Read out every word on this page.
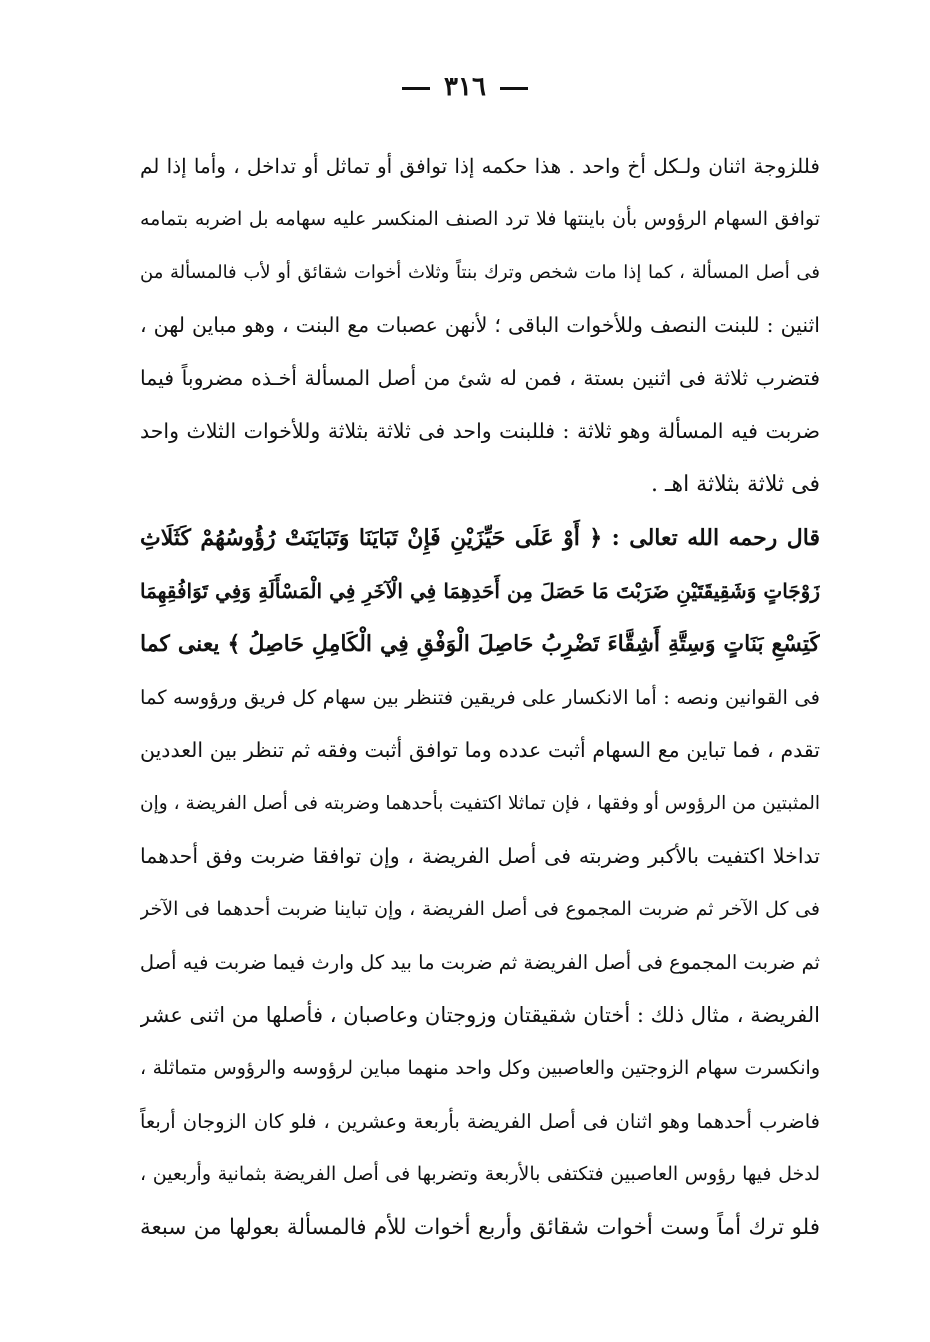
٣١٦
فللزوجة اثنان ولـكل أخ واحد . هذا حكمه إذا توافق أو تماثل أو تداخل ، وأما إذا لم
توافق السهام الرؤوس بأن باينتها فلا ترد الصنف المنكسر عليه سهامه بل اضربه بتمامه
فى أصل المسألة ، كما إذا مات شخص وترك بنتاً وثلاث أخوات شقائق أو لأب فالمسألة من
اثنين : للبنت النصف وللأخوات الباقى ؛ لأنهن عصبات مع البنت ، وهو مباين لهن ،
فتضرب ثلاثة فى اثنين بستة ، فمن له شئ من أصل المسألة أخـذه مضروباً فيما
ضربت فيه المسألة وهو ثلاثة : فللبنت واحد فى ثلاثة بثلاثة وللأخوات الثلاث واحد
فى ثلاثة بثلاثة اهـ .
قال رحمه الله تعالى : ﴿ أَوْ عَلَى حَيِّزَيْنِ فَإِنْ تَبَايَنَا وَتَبَايَنَتْ رُؤُوسُهُمْ كَثَلَاثِ
زَوْجَاتٍ وَشَقِيقَتَيْنِ ضَرَبْتَ مَا حَصَلَ مِن أَحَدِهِمَا فِي الْآخَرِ فِي الْمَسْأَلَةِ وَفِي تَوَافُقِهِمَا
كَتِسْعِ بَنَاتٍ وَسِتَّةِ أَشِقَّاءَ تَضْرِبُ حَاصِلَ الْوَفْقِ فِي الْكَامِلِ حَاصِلُ ﴾ يعنى كما
فى القوانين ونصه : أما الانكسار على فريقين فتنظر بين سهام كل فريق ورؤوسه كما
تقدم ، فما تباين مع السهام أثبت عدده وما توافق أثبت وفقه ثم تنظر بين العددين
المثبتين من الرؤوس أو وفقها ، فإن تماثلا اكتفيت بأحدهما وضربته فى أصل الفريضة ، وإن
تداخلا اكتفيت بالأكبر وضربته فى أصل الفريضة ، وإن توافقا ضربت وفق أحدهما
فى كل الآخر ثم ضربت المجموع فى أصل الفريضة ، وإن تباينا ضربت أحدهما فى الآخر
ثم ضربت المجموع فى أصل الفريضة ثم ضربت ما بيد كل وارث فيما ضربت فيه أصل
الفريضة ، مثال ذلك : أختان شقيقتان وزوجتان وعاصبان ، فأصلها من اثنى عشر
وانكسرت سهام الزوجتين والعاصبين وكل واحد منهما مباين لرؤوسه والرؤوس متماثلة ،
فاضرب أحدهما وهو اثنان فى أصل الفريضة بأربعة وعشرين ، فلو كان الزوجان أربعاً
لدخل فيها رؤوس العاصبين فتكتفى بالأربعة وتضربها فى أصل الفريضة بثمانية وأربعين ،
فلو ترك أماً وست أخوات شقائق وأربع أخوات للأم فالمسألة بعولها من سبعة
